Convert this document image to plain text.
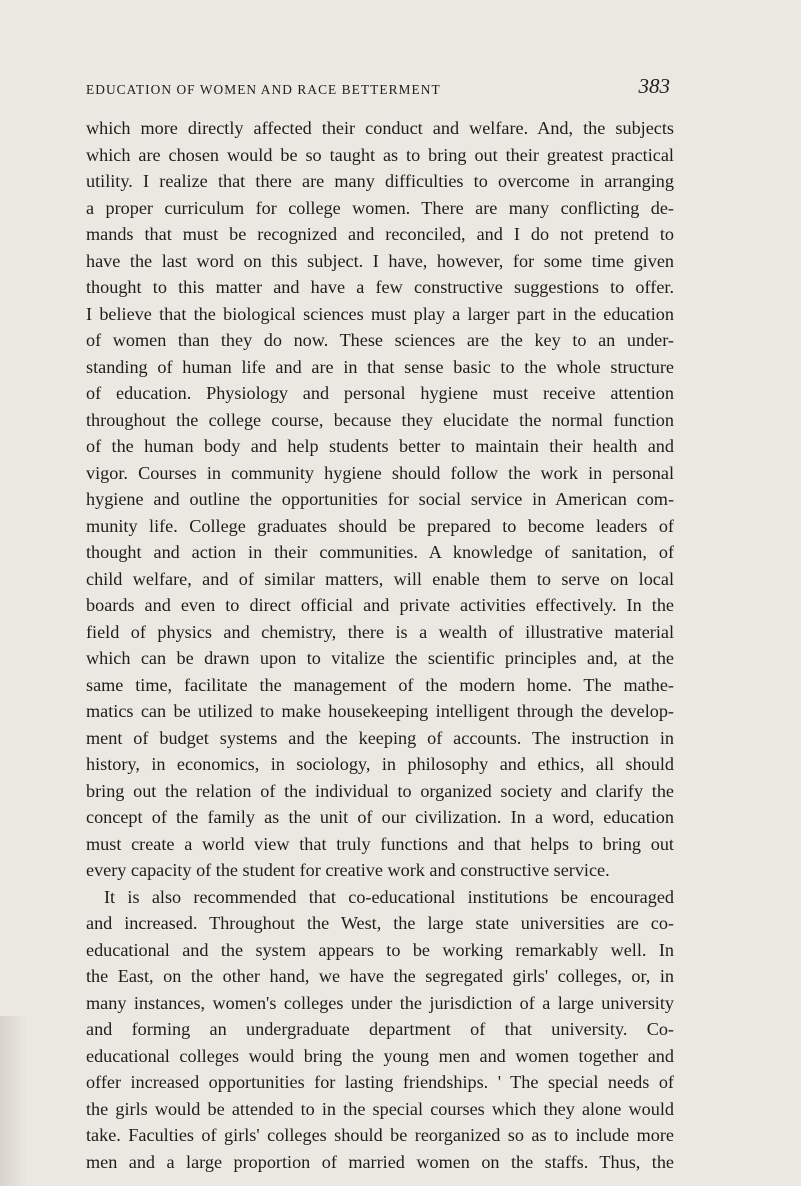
EDUCATION OF WOMEN AND RACE BETTERMENT	383
which more directly affected their conduct and welfare. And, the subjects
which are chosen would be so taught as to bring out their greatest practical
utility. I realize that there are many difficulties to overcome in arranging
a proper curriculum for college women. There are many conflicting de-
mands that must be recognized and reconciled, and I do not pretend to
have the last word on this subject. I have, however, for some time given
thought to this matter and have a few constructive suggestions to offer.
I believe that the biological sciences must play a larger part in the education
of women than they do now. These sciences are the key to an under-
standing of human life and are in that sense basic to the whole structure
of education. Physiology and personal hygiene must receive attention
throughout the college course, because they elucidate the normal function
of the human body and help students better to maintain their health and
vigor. Courses in community hygiene should follow the work in personal
hygiene and outline the opportunities for social service in American com-
munity life. College graduates should be prepared to become leaders of
thought and action in their communities. A knowledge of sanitation, of
child welfare, and of similar matters, will enable them to serve on local
boards and even to direct official and private activities effectively. In the
field of physics and chemistry, there is a wealth of illustrative material
which can be drawn upon to vitalize the scientific principles and, at the
same time, facilitate the management of the modern home. The mathe-
matics can be utilized to make housekeeping intelligent through the develop-
ment of budget systems and the keeping of accounts. The instruction in
history, in economics, in sociology, in philosophy and ethics, all should
bring out the relation of the individual to organized society and clarify the
concept of the family as the unit of our civilization. In a word, education
must create a world view that truly functions and that helps to bring out
every capacity of the student for creative work and constructive service.
It is also recommended that co-educational institutions be encouraged
and increased. Throughout the West, the large state universities are co-
educational and the system appears to be working remarkably well. In
the East, on the other hand, we have the segregated girls' colleges, or, in
many instances, women's colleges under the jurisdiction of a large university
and forming an undergraduate department of that university. Co-
educational colleges would bring the young men and women together and
offer increased opportunities for lasting friendships. ' The special needs of
the girls would be attended to in the special courses which they alone would
take. Faculties of girls' colleges should be reorganized so as to include more
men and a large proportion of married women on the staffs. Thus, the
